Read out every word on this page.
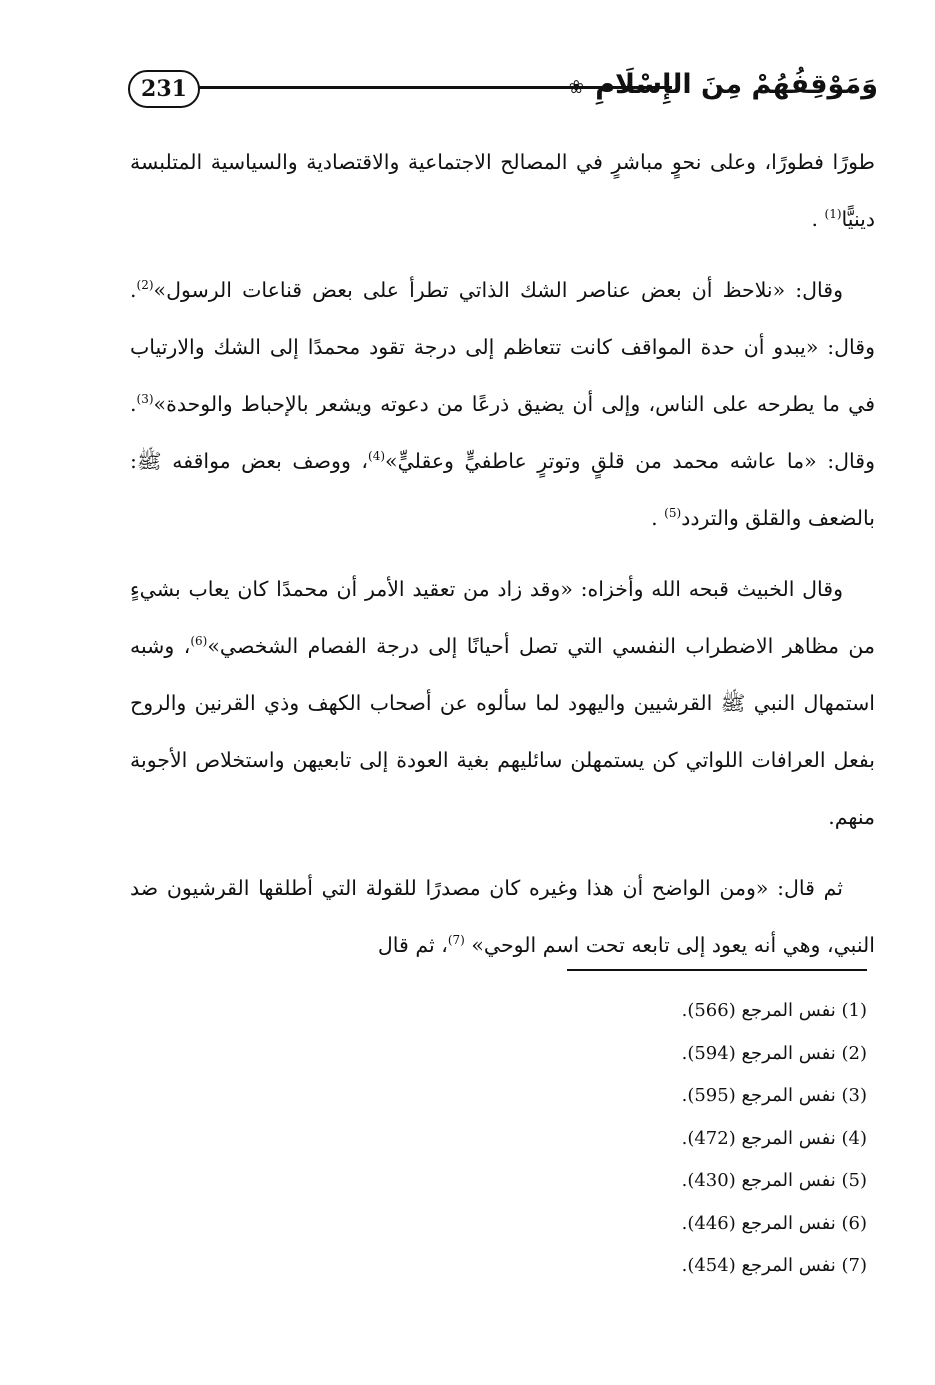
231	وَمَوْقِفُهُمْ مِنَ الإِسْلَامِ ❀

طورًا فطورًا، وعلى نحوٍ مباشرٍ في المصالح الاجتماعية والاقتصادية والسياسية المتلبسة دينيًّا$^{(1)}$ .

وقال: «نلاحظ أن بعض عناصر الشك الذاتي تطرأ على بعض قناعات الرسول»$^{(2)}$. وقال: «يبدو أن حدة المواقف كانت تتعاظم إلى درجة تقود محمدًا إلى الشك والارتياب في ما يطرحه على الناس، وإلى أن يضيق ذرعًا من دعوته ويشعر بالإحباط والوحدة»$^{(3)}$. وقال: «ما عاشه محمد من قلقٍ وتوترٍ عاطفيٍّ وعقليٍّ»$^{(4)}$، ووصف بعض مواقفه ﷺ: بالضعف والقلق والتردد$^{(5)}$ .

وقال الخبيث قبحه الله وأخزاه: «وقد زاد من تعقيد الأمر أن محمدًا كان يعاب بشيءٍ من مظاهر الاضطراب النفسي التي تصل أحيانًا إلى درجة الفصام الشخصي»$^{(6)}$، وشبه استمهال النبي ﷺ القرشيين واليهود لما سألوه عن أصحاب الكهف وذي القرنين والروح بفعل العرافات اللواتي كن يستمهلن سائليهم بغية العودة إلى تابعيهن واستخلاص الأجوبة منهم.

ثم قال: «ومن الواضح أن هذا وغيره كان مصدرًا للقولة التي أطلقها القرشيون ضد النبي، وهي أنه يعود إلى تابعه تحت اسم الوحي» $^{(7)}$، ثم قال

(1) نفس المرجع (566).
(2) نفس المرجع (594).
(3) نفس المرجع (595).
(4) نفس المرجع (472).
(5) نفس المرجع (430).
(6) نفس المرجع (446).
(7) نفس المرجع (454).
